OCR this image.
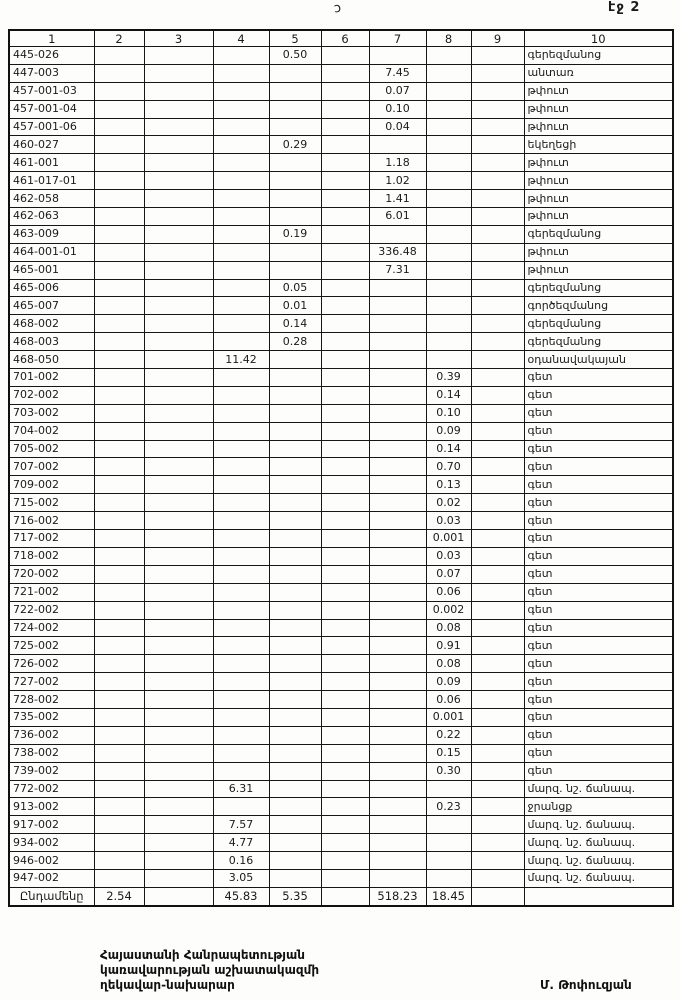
ↄ	էջ 2
1	2	3	4	5	6	7	8	9	10
445-026				0.50					գերեզմանոց
447-003						7.45			անտառ
457-001-03						0.07			թփուտ
457-001-04						0.10			թփուտ
457-001-06						0.04			թփուտ
460-027				0.29					եկեղեցի
461-001						1.18			թփուտ
461-017-01						1.02			թփուտ
462-058						1.41			թփուտ
462-063						6.01			թփուտ
463-009				0.19					գերեզմանոց
464-001-01						336.48			թփուտ
465-001						7.31			թփուտ
465-006				0.05					գերեզմանոց
465-007				0.01					գործեզմանոց
468-002				0.14					գերեզմանոց
468-003				0.28					գերեզմանոց
468-050			11.42						օդանավակայան
701-002							0.39		գետ
702-002							0.14		գետ
703-002							0.10		գետ
704-002							0.09		գետ
705-002							0.14		գետ
707-002							0.70		գետ
709-002							0.13		գետ
715-002							0.02		գետ
716-002							0.03		գետ
717-002							0.001		գետ
718-002							0.03		գետ
720-002							0.07		գետ
721-002							0.06		գետ
722-002							0.002		գետ
724-002							0.08		գետ
725-002							0.91		գետ
726-002							0.08		գետ
727-002							0.09		գետ
728-002							0.06		գետ
735-002							0.001		գետ
736-002							0.22		գետ
738-002							0.15		գետ
739-002							0.30		գետ
772-002			6.31						մարզ. նշ. ճանապ.
913-002							0.23		ջրանցք
917-002			7.57						մարզ. նշ. ճանապ.
934-002			4.77						մարզ. նշ. ճանապ.
946-002			0.16						մարզ. նշ. ճանապ.
947-002			3.05						մարզ. նշ. ճանապ.
Ընդամենը	2.54		45.83	5.35		518.23	18.45		
Հայաստանի Հանրապետության
կառավարության աշխատակազմի
ղեկավար-նախարար	Մ. Թոփուզյան
